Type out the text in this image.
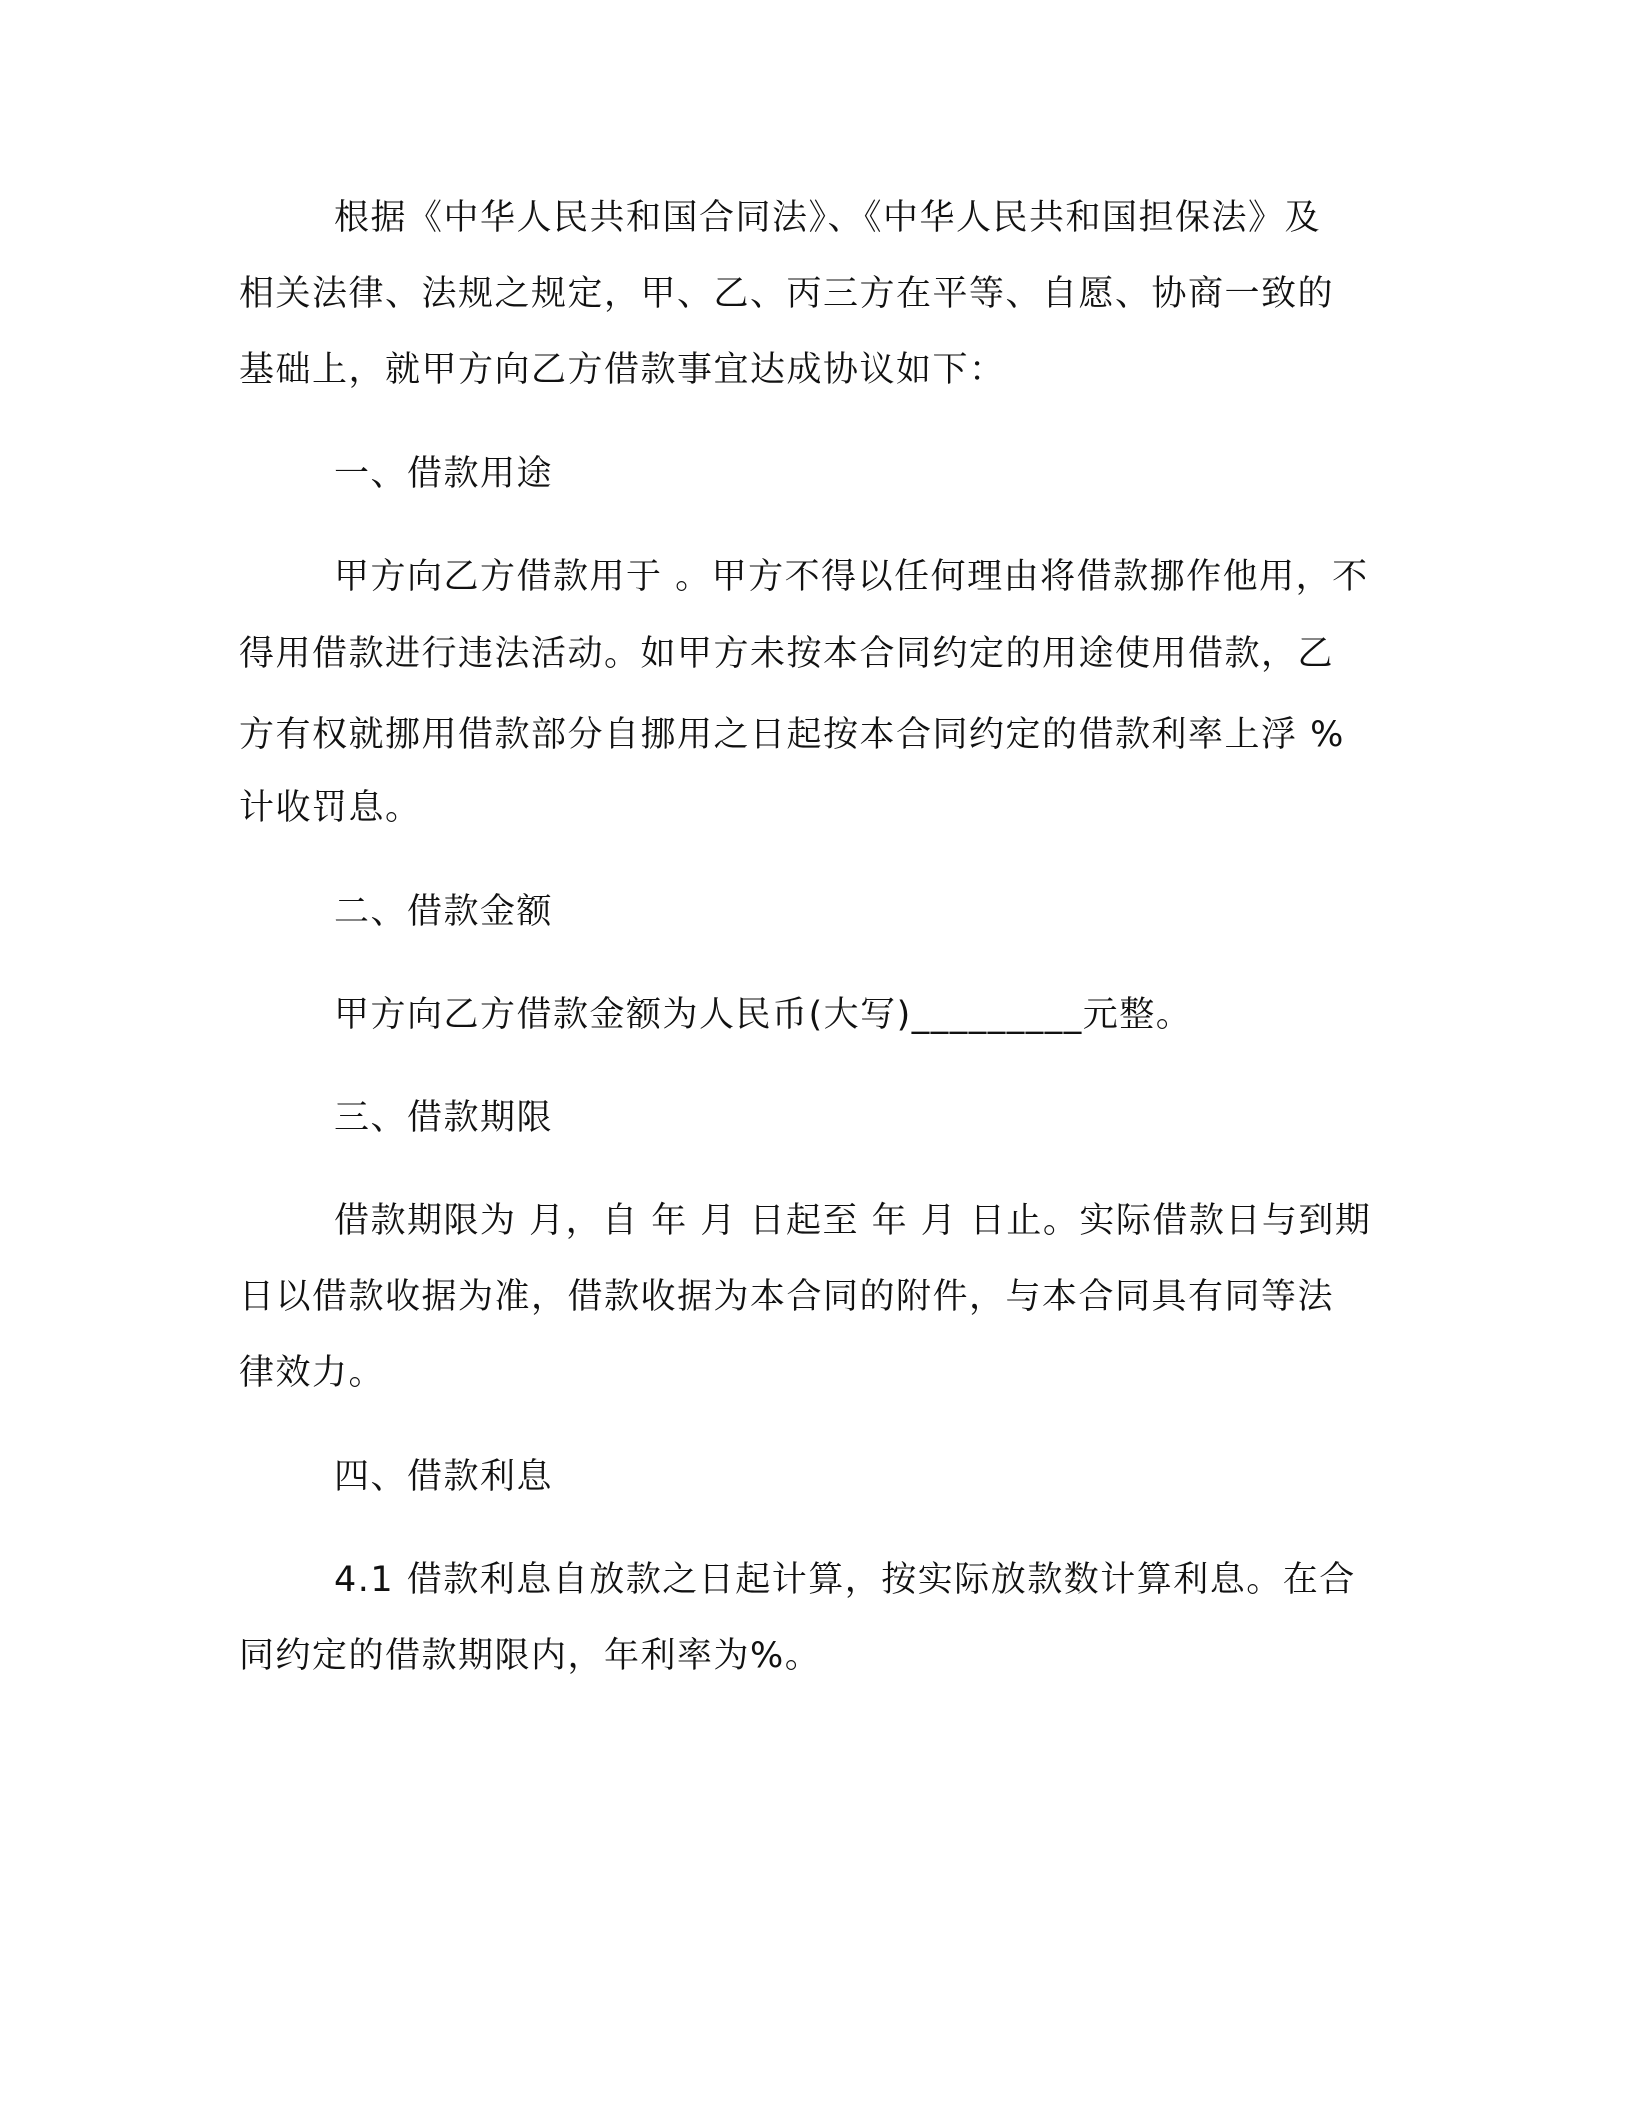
根据《中华人民共和国合同法》、《中华人民共和国担保法》及
相关法律、法规之规定，甲、乙、丙三方在平等、自愿、协商一致的
基础上，就甲方向乙方借款事宜达成协议如下：
一、借款用途
甲方向乙方借款用于 。甲方不得以任何理由将借款挪作他用，不
得用借款进行违法活动。如甲方未按本合同约定的用途使用借款，乙
方有权就挪用借款部分自挪用之日起按本合同约定的借款利率上浮 %
计收罚息。
二、借款金额
甲方向乙方借款金额为人民币(大写)_________元整。
三、借款期限
借款期限为 月，自 年 月 日起至 年 月 日止。实际借款日与到期
日以借款收据为准，借款收据为本合同的附件，与本合同具有同等法
律效力。
四、借款利息
4.1 借款利息自放款之日起计算，按实际放款数计算利息。在合
同约定的借款期限内，年利率为%。
